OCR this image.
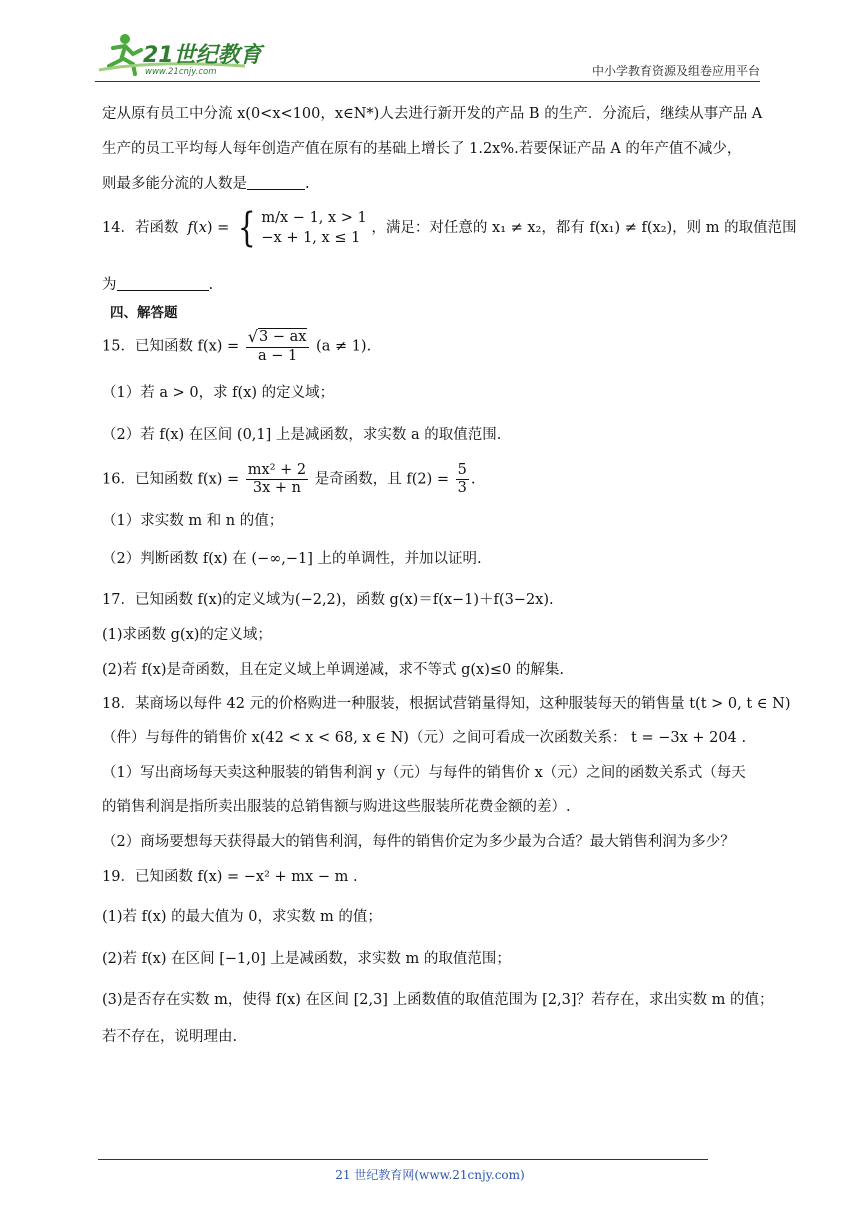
21世纪教育
www.21cnjy.com	中小学教育资源及组卷应用平台
定从原有员工中分流 x(0<x<100，x∈N*)人去进行新开发的产品 B 的生产．分流后，继续从事产品 A
生产的员工平均每人每年创造产值在原有的基础上增长了 1.2x%.若要保证产品 A 的年产值不减少，
则最多能分流的人数是	.
14．若函数 f ( x ) = { m/x − 1, x > 1
−x + 1, x ≤ 1
，满足：对任意的 x₁ ≠ x₂，都有 f(x₁) ≠ f(x₂)，则 m 的取值范围
为	.
四、解答题
15．已知函数 $f(x) = \frac{√ 3 - ax}{a - 1} (a \ne 1)$.
（1）若 a > 0，求 f(x) 的定义域；
（2）若 f(x) 在区间 (0,1] 上是减函数，求实数 a 的取值范围.
16．已知函数 $f(x) = \frac{\text{mx² + 2}}{3x + n}$ 是奇函数，且 $f(2) = \frac{5}{3}$ .
（1）求实数 m 和 n 的值；
（2）判断函数 f(x) 在 (−∞,−1] 上的单调性，并加以证明.
17．已知函数 f(x)的定义域为(−2,2)，函数 g(x)＝f(x−1)＋f(3−2x).
(1)求函数 g(x)的定义域；
(2)若 f(x)是奇函数，且在定义域上单调递减，求不等式 g(x)≤0 的解集.
18．某商场以每件 42 元的价格购进一种服装，根据试营销量得知，这种服装每天的销售量 t(t > 0, t ∈ N)
（件）与每件的销售价 x(42 < x < 68, x ∈ N)（元）之间可看成一次函数关系： t = −3x + 204 .
（1）写出商场每天卖这种服装的销售利润 y（元）与每件的销售价 x（元）之间的函数关系式（每天
的销售利润是指所卖出服装的总销售额与购进这些服装所花费金额的差）.
（2）商场要想每天获得最大的销售利润，每件的销售价定为多少最为合适？最大销售利润为多少？
19．已知函数 f(x) = −x² + mx − m .
(1)若 f(x) 的最大值为 0，求实数 m 的值；
(2)若 f(x) 在区间 [−1,0] 上是减函数，求实数 m 的取值范围；
(3)是否存在实数 m，使得 f(x) 在区间 [2,3] 上函数值的取值范围为 [2,3]？若存在，求出实数 m 的值；
若不存在，说明理由.
21 世纪教育网(www.21cnjy.com)
